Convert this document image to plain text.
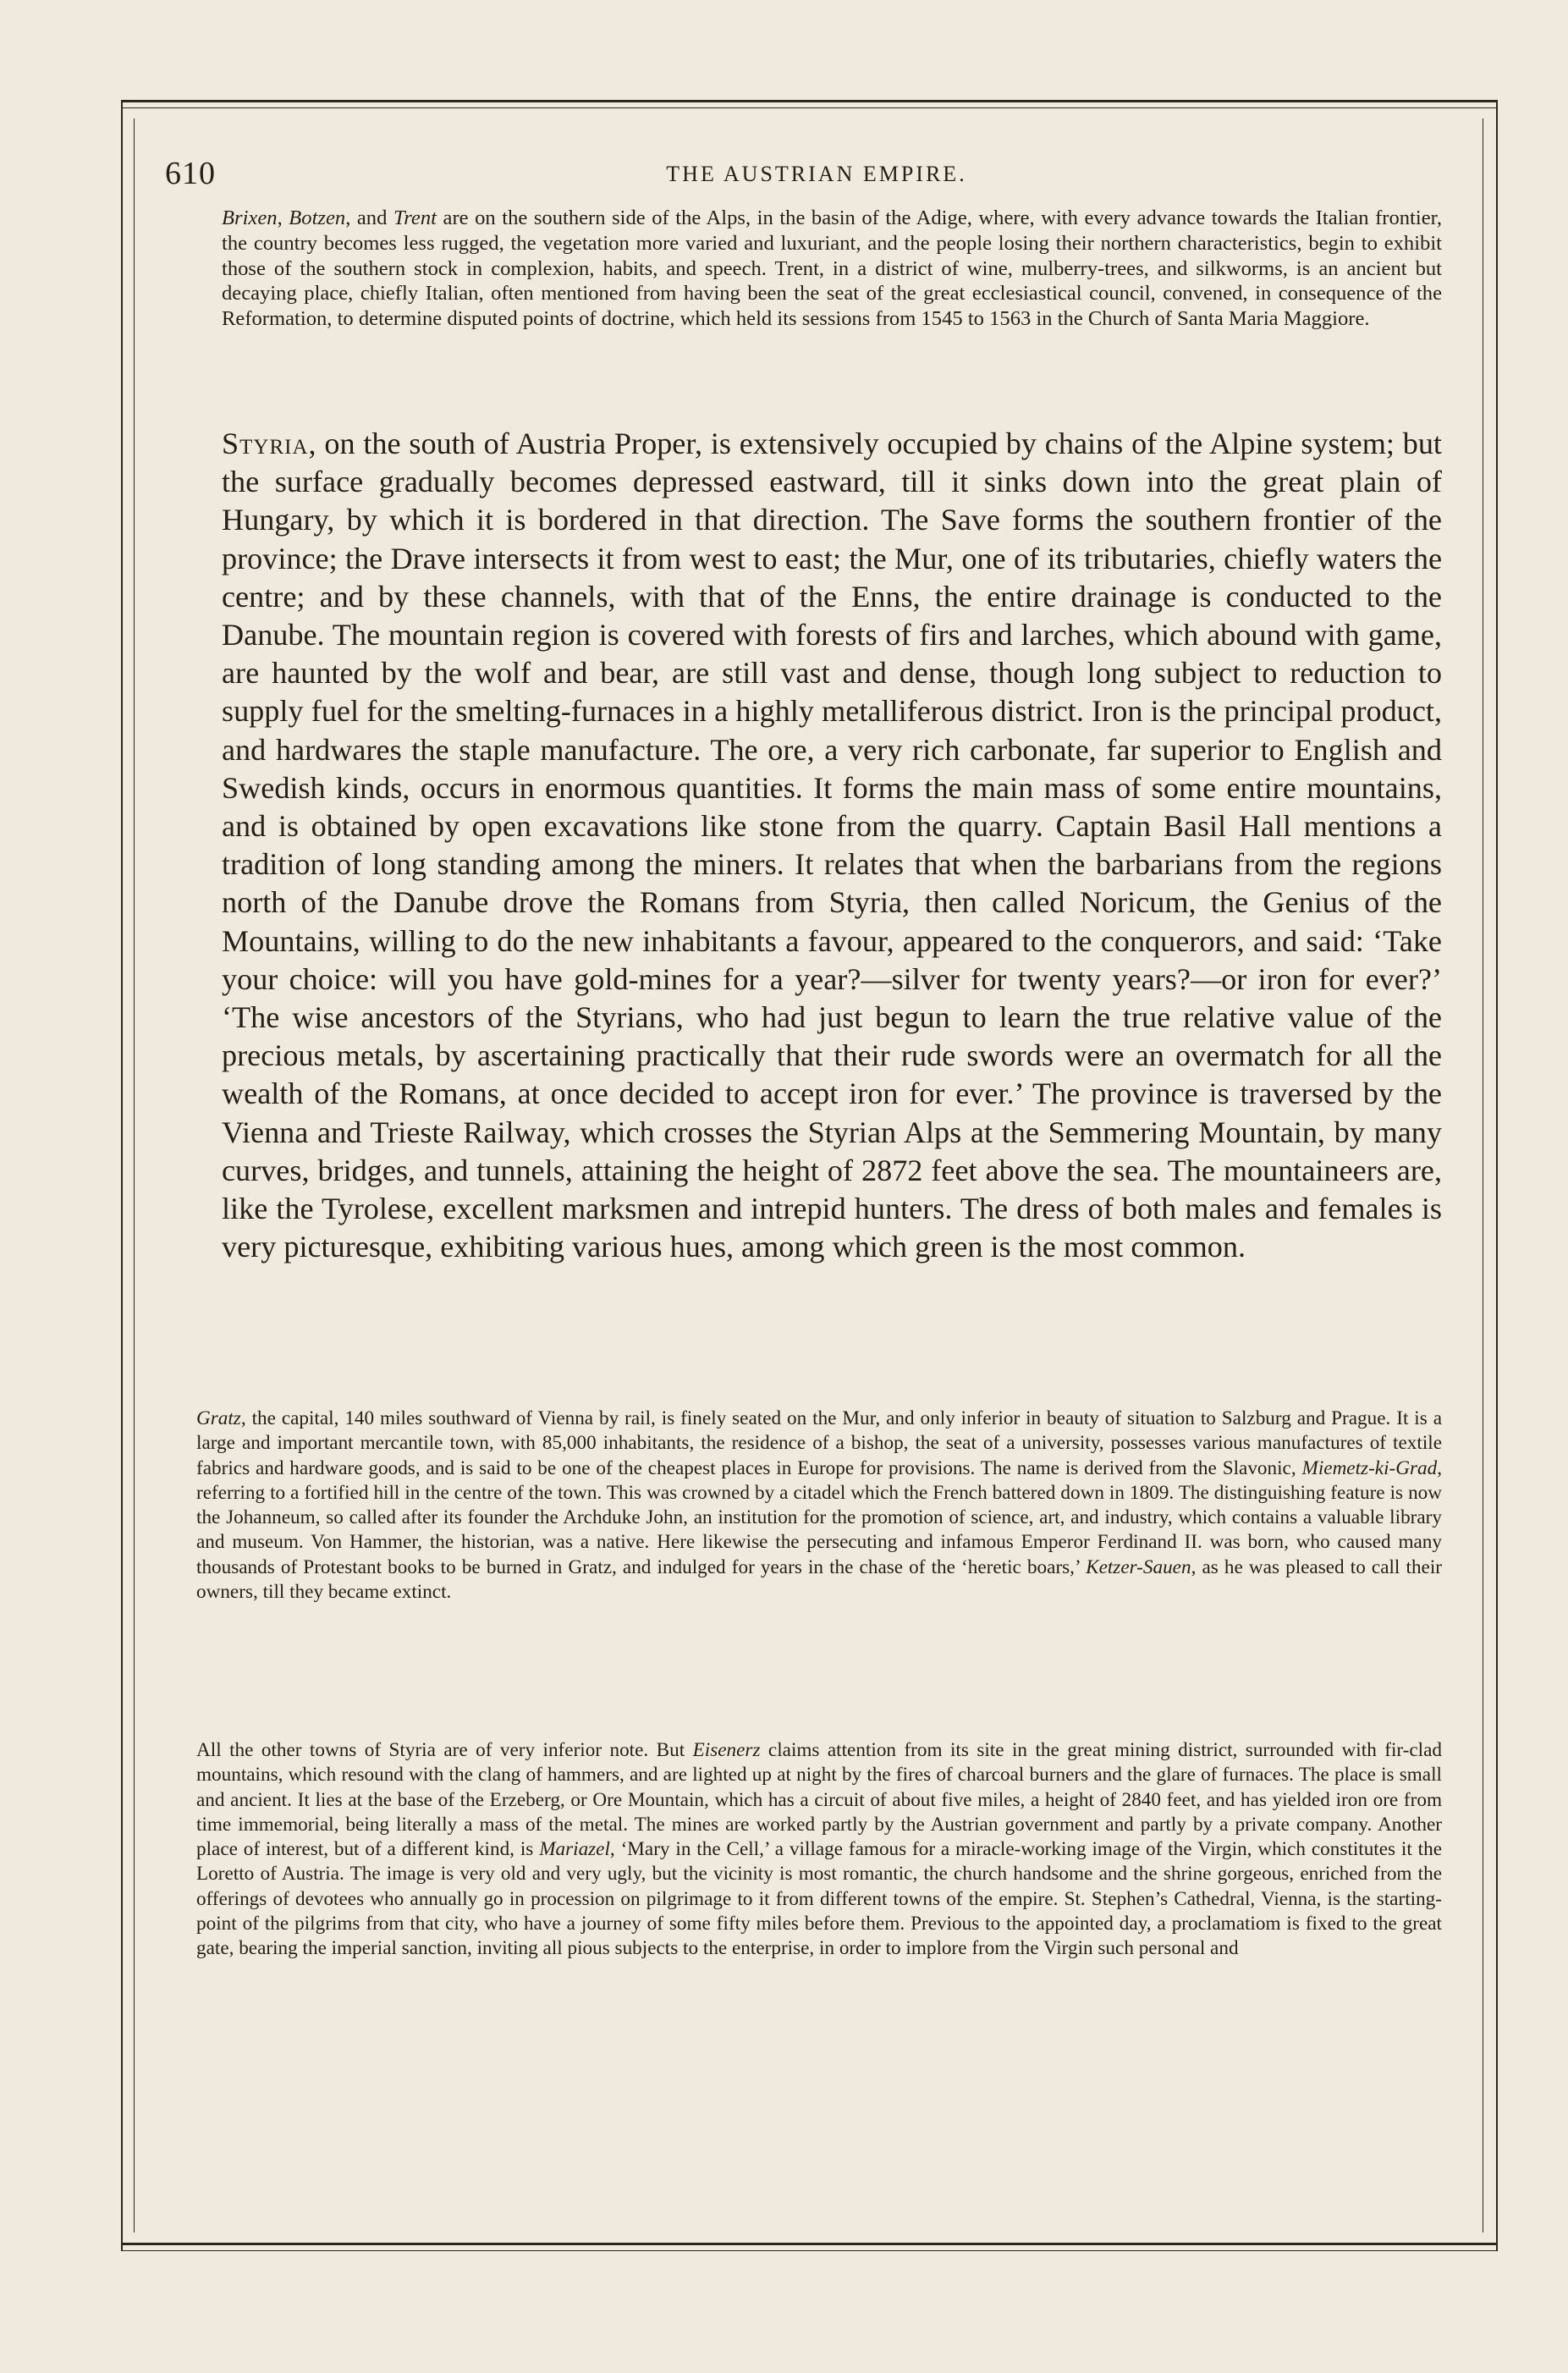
610	THE AUSTRIAN EMPIRE.

Brixen, Botzen, and Trent are on the southern side of the Alps, in the basin of the Adige, where, with every advance towards the Italian frontier, the country becomes less rugged, the vegetation more varied and luxuriant, and the people losing their northern characteristics, begin to exhibit those of the southern stock in complexion, habits, and speech. Trent, in a district of wine, mulberry-trees, and silkworms, is an ancient but decaying place, chiefly Italian, often mentioned from having been the seat of the great ecclesiastical council, convened, in consequence of the Reformation, to determine disputed points of doctrine, which held its sessions from 1545 to 1563 in the Church of Santa Maria Maggiore.

Styria, on the south of Austria Proper, is extensively occupied by chains of the Alpine system; but the surface gradually becomes depressed eastward, till it sinks down into the great plain of Hungary, by which it is bordered in that direction. The Save forms the southern frontier of the province; the Drave intersects it from west to east; the Mur, one of its tributaries, chiefly waters the centre; and by these channels, with that of the Enns, the entire drainage is conducted to the Danube. The mountain region is covered with forests of firs and larches, which abound with game, are haunted by the wolf and bear, are still vast and dense, though long subject to reduction to supply fuel for the smelting-furnaces in a highly metalliferous district. Iron is the principal product, and hardwares the staple manufacture. The ore, a very rich carbonate, far superior to English and Swedish kinds, occurs in enormous quantities. It forms the main mass of some entire mountains, and is obtained by open excavations like stone from the quarry. Captain Basil Hall mentions a tradition of long standing among the miners. It relates that when the barbarians from the regions north of the Danube drove the Romans from Styria, then called Noricum, the Genius of the Mountains, willing to do the new inhabitants a favour, appeared to the conquerors, and said: ‘Take your choice: will you have gold-mines for a year?—silver for twenty years?—or iron for ever?’ ‘The wise ancestors of the Styrians, who had just begun to learn the true relative value of the precious metals, by ascertaining practically that their rude swords were an overmatch for all the wealth of the Romans, at once decided to accept iron for ever.’ The province is traversed by the Vienna and Trieste Railway, which crosses the Styrian Alps at the Semmering Mountain, by many curves, bridges, and tunnels, attaining the height of 2872 feet above the sea. The mountaineers are, like the Tyrolese, excellent marksmen and intrepid hunters. The dress of both males and females is very picturesque, exhibiting various hues, among which green is the most common.

Gratz, the capital, 140 miles southward of Vienna by rail, is finely seated on the Mur, and only inferior in beauty of situation to Salzburg and Prague. It is a large and important mercantile town, with 85,000 inhabitants, the residence of a bishop, the seat of a university, possesses various manufactures of textile fabrics and hardware goods, and is said to be one of the cheapest places in Europe for provisions. The name is derived from the Slavonic, Miemetz-ki-Grad, referring to a fortified hill in the centre of the town. This was crowned by a citadel which the French battered down in 1809. The distinguishing feature is now the Johanneum, so called after its founder the Archduke John, an institution for the promotion of science, art, and industry, which contains a valuable library and museum. Von Hammer, the historian, was a native. Here likewise the persecuting and infamous Emperor Ferdinand II. was born, who caused many thousands of Protestant books to be burned in Gratz, and indulged for years in the chase of the ‘heretic boars,’ Ketzer-Sauen, as he was pleased to call their owners, till they became extinct.

All the other towns of Styria are of very inferior note. But Eisenerz claims attention from its site in the great mining district, surrounded with fir-clad mountains, which resound with the clang of hammers, and are lighted up at night by the fires of charcoal burners and the glare of furnaces. The place is small and ancient. It lies at the base of the Erzeberg, or Ore Mountain, which has a circuit of about five miles, a height of 2840 feet, and has yielded iron ore from time immemorial, being literally a mass of the metal. The mines are worked partly by the Austrian government and partly by a private company. Another place of interest, but of a different kind, is Mariazel, ‘Mary in the Cell,’ a village famous for a miracle-working image of the Virgin, which constitutes it the Loretto of Austria. The image is very old and very ugly, but the vicinity is most romantic, the church handsome and the shrine gorgeous, enriched from the offerings of devotees who annually go in procession on pilgrimage to it from different towns of the empire. St. Stephen’s Cathedral, Vienna, is the starting-point of the pilgrims from that city, who have a journey of some fifty miles before them. Previous to the appointed day, a proclamatiom is fixed to the great gate, bearing the imperial sanction, inviting all pious subjects to the enterprise, in order to implore from the Virgin such personal and
